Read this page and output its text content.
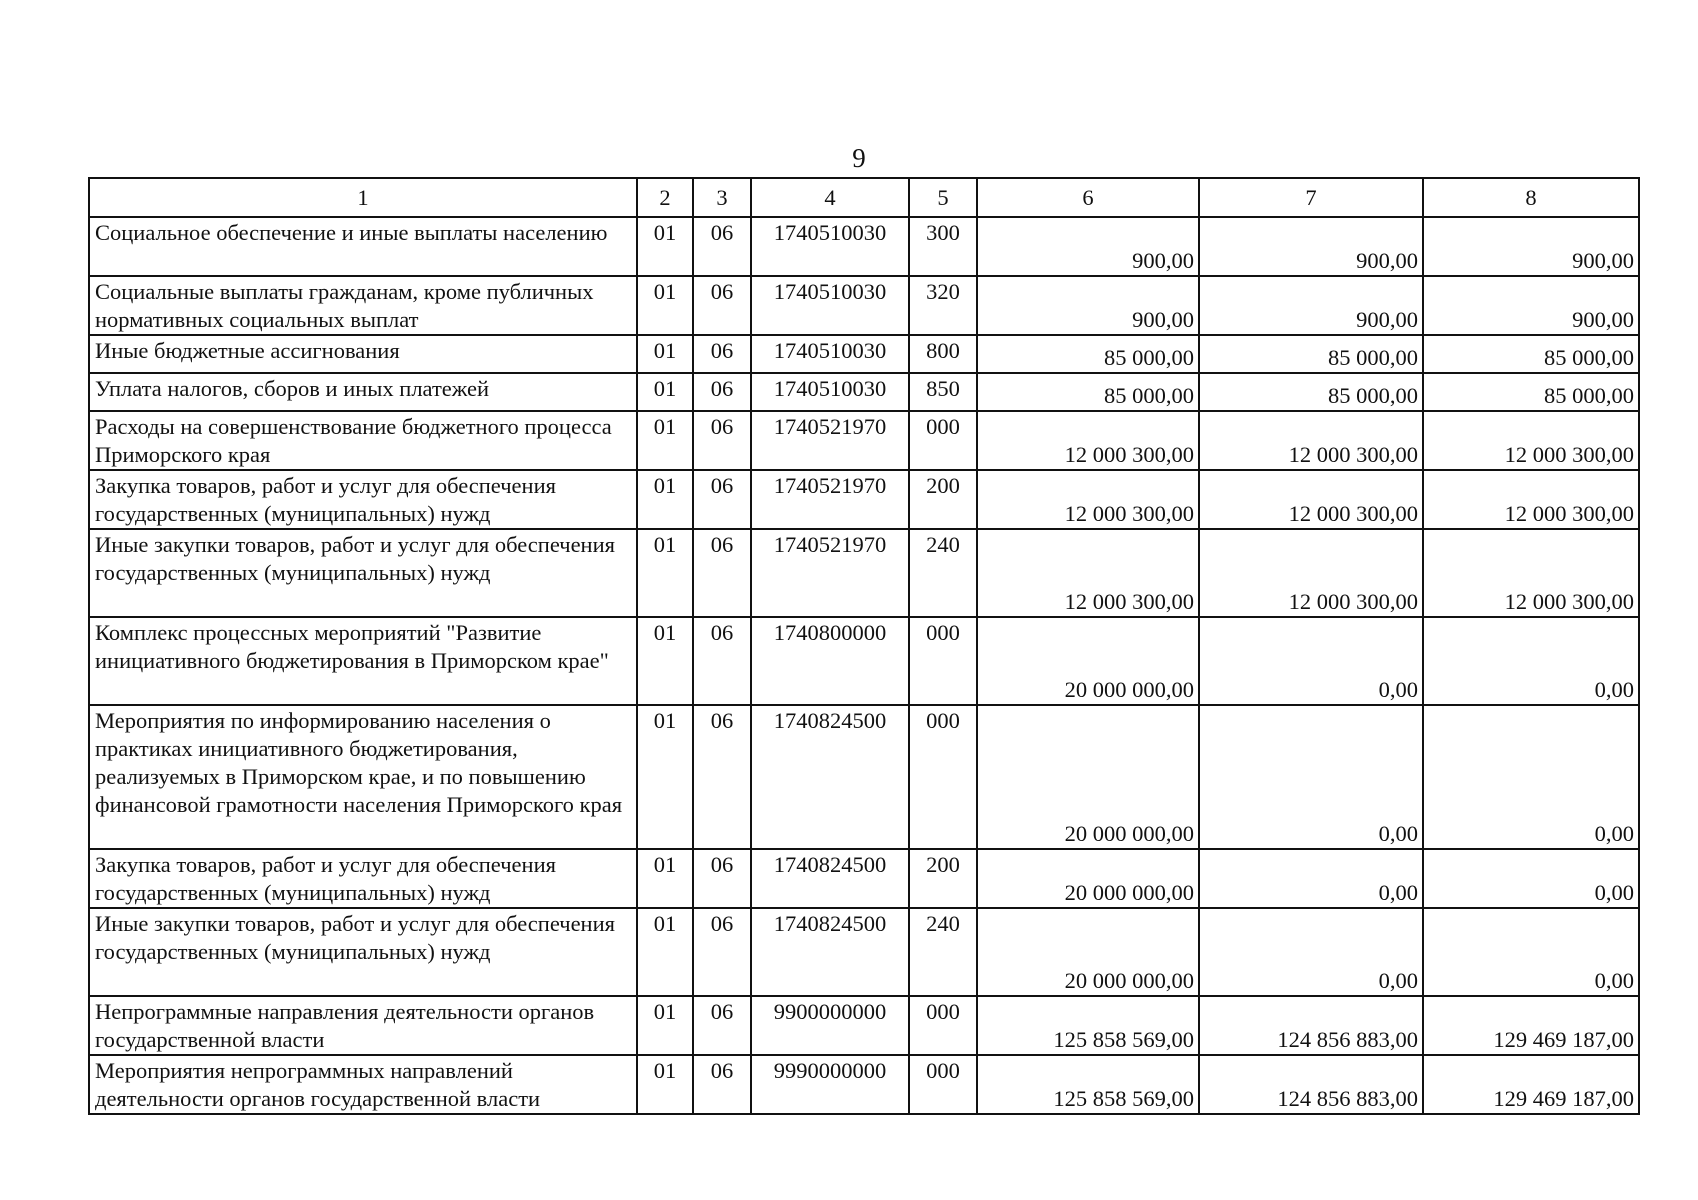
9
1	2	3	4	5	6	7	8
Социальное обеспечение и иные выплаты населению	01	06	1740510030	300	900,00	900,00	900,00
Социальные выплаты гражданам, кроме публичных нормативных социальных выплат	01	06	1740510030	320	900,00	900,00	900,00
Иные бюджетные ассигнования	01	06	1740510030	800	85 000,00	85 000,00	85 000,00
Уплата налогов, сборов и иных платежей	01	06	1740510030	850	85 000,00	85 000,00	85 000,00
Расходы на совершенствование бюджетного процесса Приморского края	01	06	1740521970	000	12 000 300,00	12 000 300,00	12 000 300,00
Закупка товаров, работ и услуг для обеспечения государственных (муниципальных) нужд	01	06	1740521970	200	12 000 300,00	12 000 300,00	12 000 300,00
Иные закупки товаров, работ и услуг для обеспечения государственных (муниципальных) нужд	01	06	1740521970	240	12 000 300,00	12 000 300,00	12 000 300,00
Комплекс процессных мероприятий "Развитие инициативного бюджетирования в Приморском крае"	01	06	1740800000	000	20 000 000,00	0,00	0,00
Мероприятия по информированию населения о практиках инициативного бюджетирования, реализуемых в Приморском крае, и по повышению финансовой грамотности населения Приморского края	01	06	1740824500	000	20 000 000,00	0,00	0,00
Закупка товаров, работ и услуг для обеспечения государственных (муниципальных) нужд	01	06	1740824500	200	20 000 000,00	0,00	0,00
Иные закупки товаров, работ и услуг для обеспечения государственных (муниципальных) нужд	01	06	1740824500	240	20 000 000,00	0,00	0,00
Непрограммные направления деятельности органов государственной власти	01	06	9900000000	000	125 858 569,00	124 856 883,00	129 469 187,00
Мероприятия непрограммных направлений деятельности органов государственной власти	01	06	9990000000	000	125 858 569,00	124 856 883,00	129 469 187,00
